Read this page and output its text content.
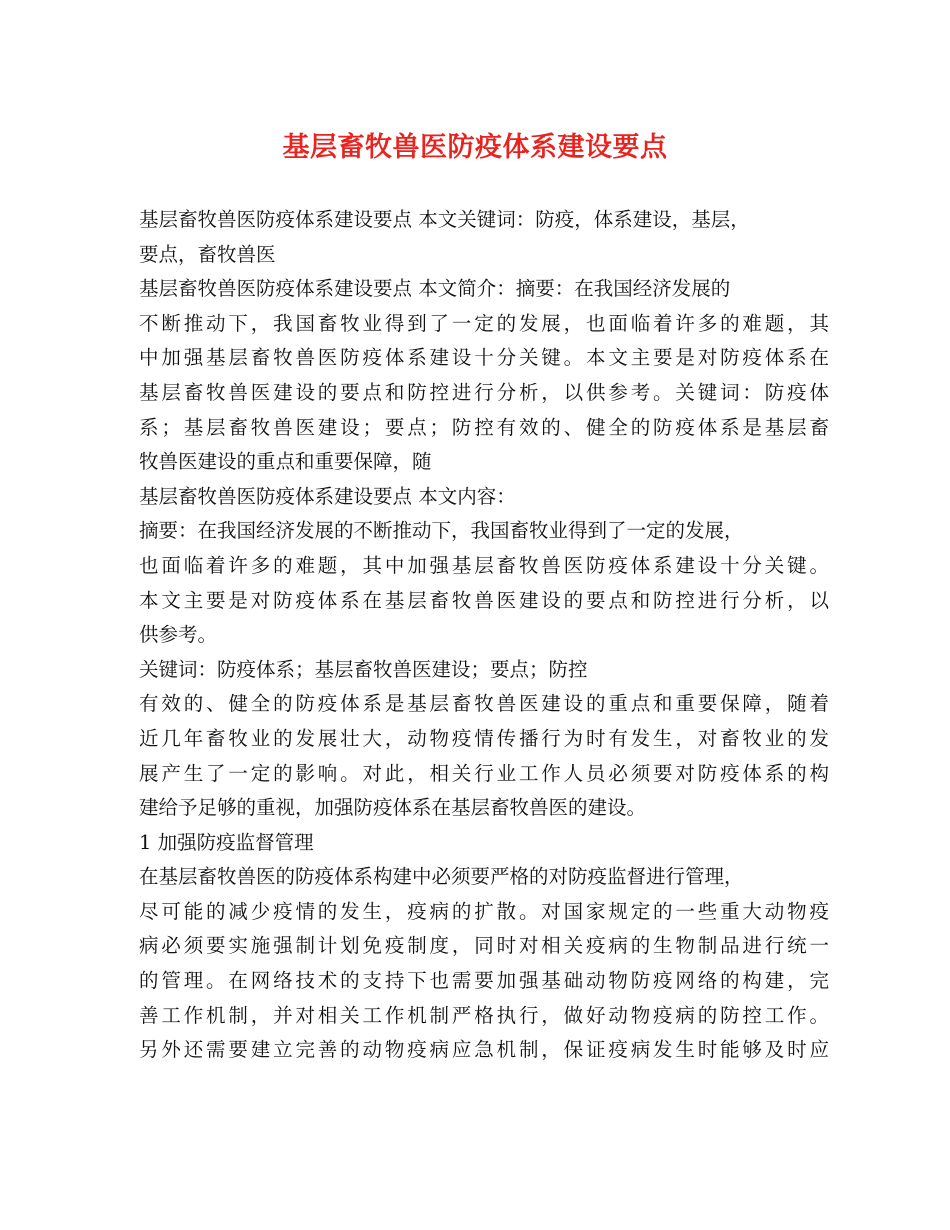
基层畜牧兽医防疫体系建设要点
基层畜牧兽医防疫体系建设要点 本文关键词：防疫，体系建设，基层，
要点，畜牧兽医
基层畜牧兽医防疫体系建设要点 本文简介：摘要：在我国经济发展的
不断推动下，我国畜牧业得到了一定的发展，也面临着许多的难题，其
中加强基层畜牧兽医防疫体系建设十分关键。本文主要是对防疫体系在
基层畜牧兽医建设的要点和防控进行分析，以供参考。关键词：防疫体
系；基层畜牧兽医建设；要点；防控有效的、健全的防疫体系是基层畜
牧兽医建设的重点和重要保障，随
基层畜牧兽医防疫体系建设要点 本文内容：
摘要：在我国经济发展的不断推动下，我国畜牧业得到了一定的发展，
也面临着许多的难题，其中加强基层畜牧兽医防疫体系建设十分关键。
本文主要是对防疫体系在基层畜牧兽医建设的要点和防控进行分析，以
供参考。
关键词：防疫体系；基层畜牧兽医建设；要点；防控
有效的、健全的防疫体系是基层畜牧兽医建设的重点和重要保障，随着
近几年畜牧业的发展壮大，动物疫情传播行为时有发生，对畜牧业的发
展产生了一定的影响。对此，相关行业工作人员必须要对防疫体系的构
建给予足够的重视，加强防疫体系在基层畜牧兽医的建设。
1 加强防疫监督管理
在基层畜牧兽医的防疫体系构建中必须要严格的对防疫监督进行管理，
尽可能的减少疫情的发生，疫病的扩散。对国家规定的一些重大动物疫
病必须要实施强制计划免疫制度，同时对相关疫病的生物制品进行统一
的管理。在网络技术的支持下也需要加强基础动物防疫网络的构建，完
善工作机制，并对相关工作机制严格执行，做好动物疫病的防控工作。
另外还需要建立完善的动物疫病应急机制，保证疫病发生时能够及时应
